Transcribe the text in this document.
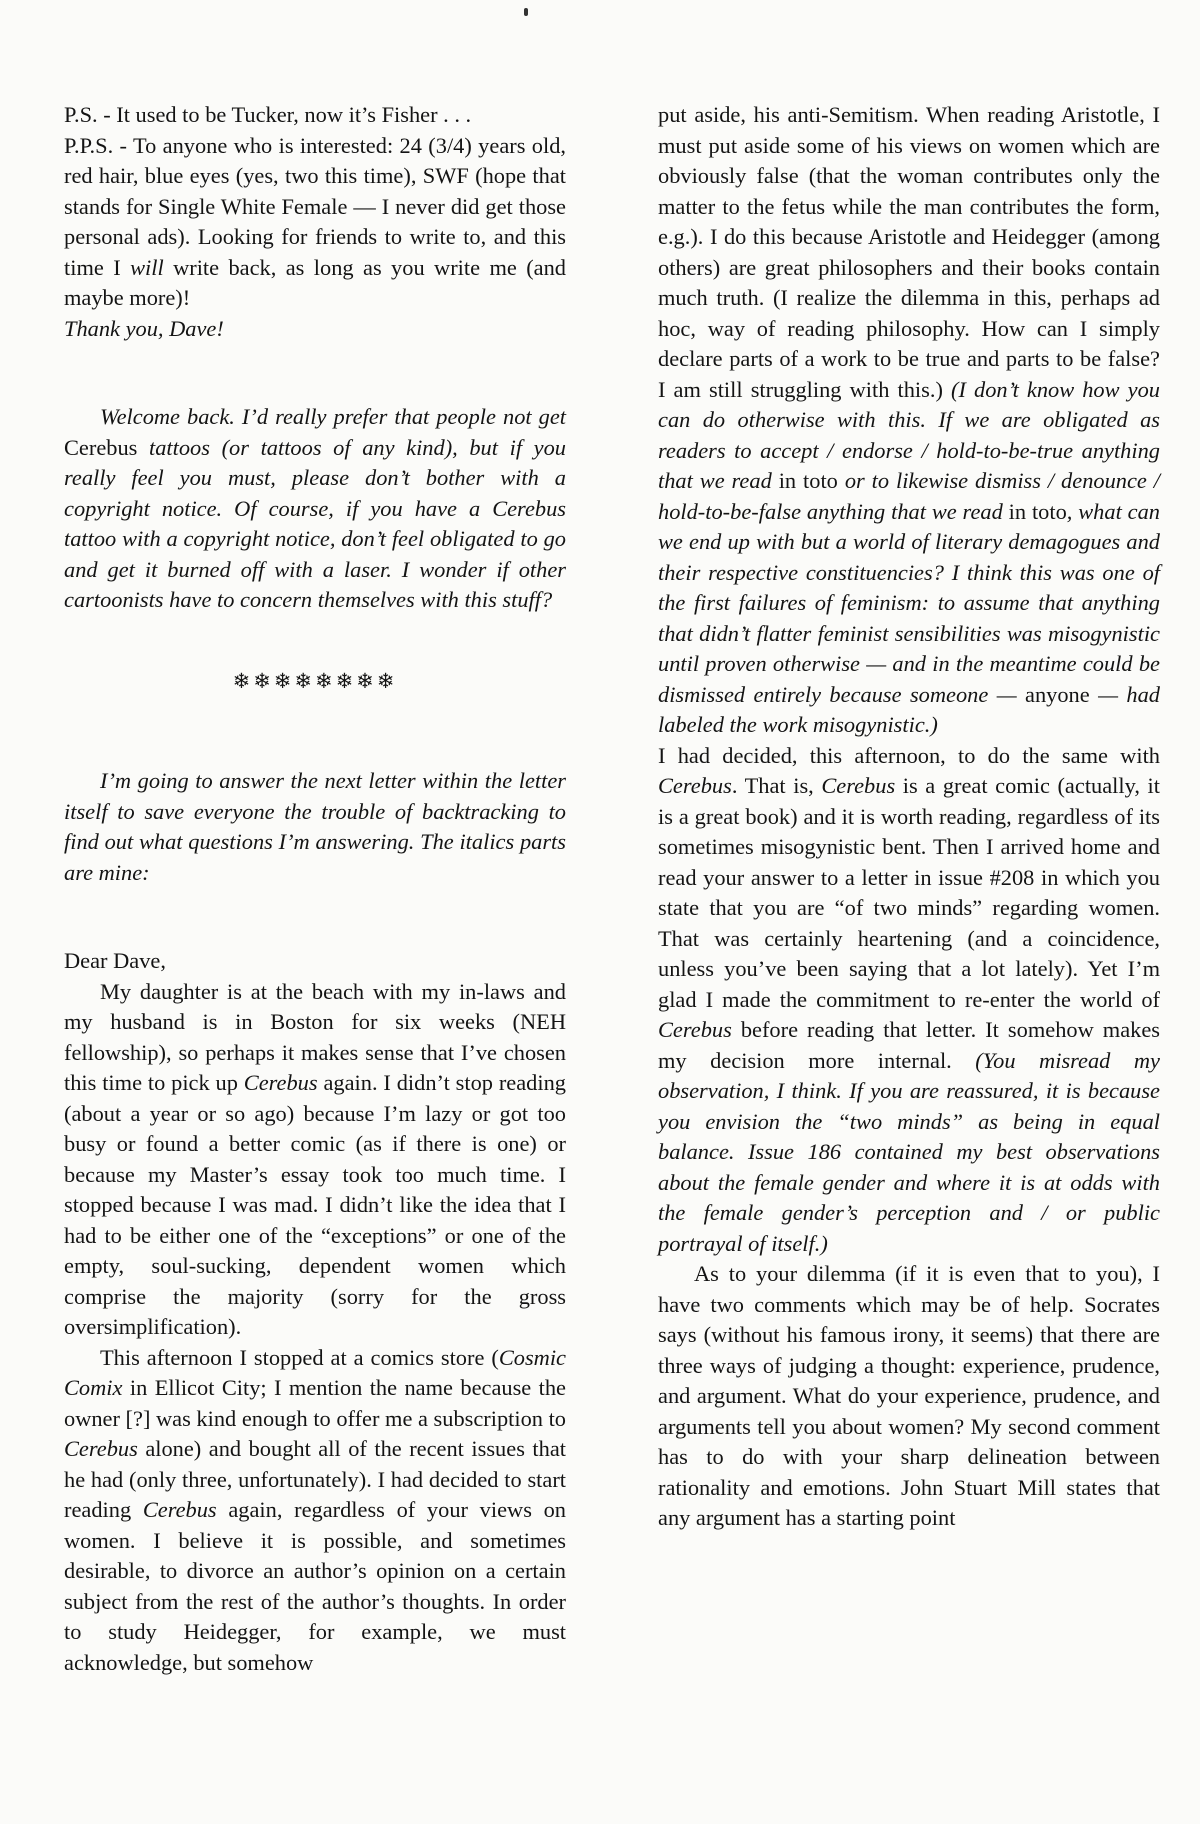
P.S. - It used to be Tucker, now it’s Fisher . . .

P.P.S. - To anyone who is interested: 24 (3/4) years old, red hair, blue eyes (yes, two this time), SWF (hope that stands for Single White Female — I never did get those personal ads). Looking for friends to write to, and this time I will write back, as long as you write me (and maybe more)!

Thank you, Dave!

Welcome back. I’d really prefer that people not get Cerebus tattoos (or tattoos of any kind), but if you really feel you must, please don’t bother with a copyright notice. Of course, if you have a Cerebus tattoo with a copyright notice, don’t feel obligated to go and get it burned off with a laser. I wonder if other cartoonists have to concern themselves with this stuff?

❄❄❄❄❄❄❄❄

I’m going to answer the next letter within the letter itself to save everyone the trouble of backtracking to find out what questions I’m answering. The italics parts are mine:

Dear Dave,

My daughter is at the beach with my in-laws and my husband is in Boston for six weeks (NEH fellowship), so perhaps it makes sense that I’ve chosen this time to pick up Cerebus again. I didn’t stop reading (about a year or so ago) because I’m lazy or got too busy or found a better comic (as if there is one) or because my Master’s essay took too much time. I stopped because I was mad. I didn’t like the idea that I had to be either one of the “exceptions” or one of the empty, soul-sucking, dependent women which comprise the majority (sorry for the gross oversimplification).

This afternoon I stopped at a comics store (Cosmic Comix in Ellicot City; I mention the name because the owner [?] was kind enough to offer me a subscription to Cerebus alone) and bought all of the recent issues that he had (only three, unfortunately). I had decided to start reading Cerebus again, regardless of your views on women. I believe it is possible, and sometimes desirable, to divorce an author’s opinion on a certain subject from the rest of the author’s thoughts. In order to study Heidegger, for example, we must acknowledge, but somehow

put aside, his anti-Semitism. When reading Aristotle, I must put aside some of his views on women which are obviously false (that the woman contributes only the matter to the fetus while the man contributes the form, e.g.). I do this because Aristotle and Heidegger (among others) are great philosophers and their books contain much truth. (I realize the dilemma in this, perhaps ad hoc, way of reading philosophy. How can I simply declare parts of a work to be true and parts to be false? I am still struggling with this.) (I don’t know how you can do otherwise with this. If we are obligated as readers to accept / endorse / hold-to-be-true anything that we read in toto or to likewise dismiss / denounce / hold-to-be-false anything that we read in toto, what can we end up with but a world of literary demagogues and their respective constituencies? I think this was one of the first failures of feminism: to assume that anything that didn’t flatter feminist sensibilities was misogynistic until proven otherwise — and in the meantime could be dismissed entirely because someone — anyone — had labeled the work misogynistic.)

I had decided, this afternoon, to do the same with Cerebus. That is, Cerebus is a great comic (actually, it is a great book) and it is worth reading, regardless of its sometimes misogynistic bent. Then I arrived home and read your answer to a letter in issue #208 in which you state that you are “of two minds” regarding women. That was certainly heartening (and a coincidence, unless you’ve been saying that a lot lately). Yet I’m glad I made the commitment to re-enter the world of Cerebus before reading that letter. It somehow makes my decision more internal. (You misread my observation, I think. If you are reassured, it is because you envision the “two minds” as being in equal balance. Issue 186 contained my best observations about the female gender and where it is at odds with the female gender’s perception and / or public portrayal of itself.)

As to your dilemma (if it is even that to you), I have two comments which may be of help. Socrates says (without his famous irony, it seems) that there are three ways of judging a thought: experience, prudence, and argument. What do your experience, prudence, and arguments tell you about women? My second comment has to do with your sharp delineation between rationality and emotions. John Stuart Mill states that any argument has a starting point
